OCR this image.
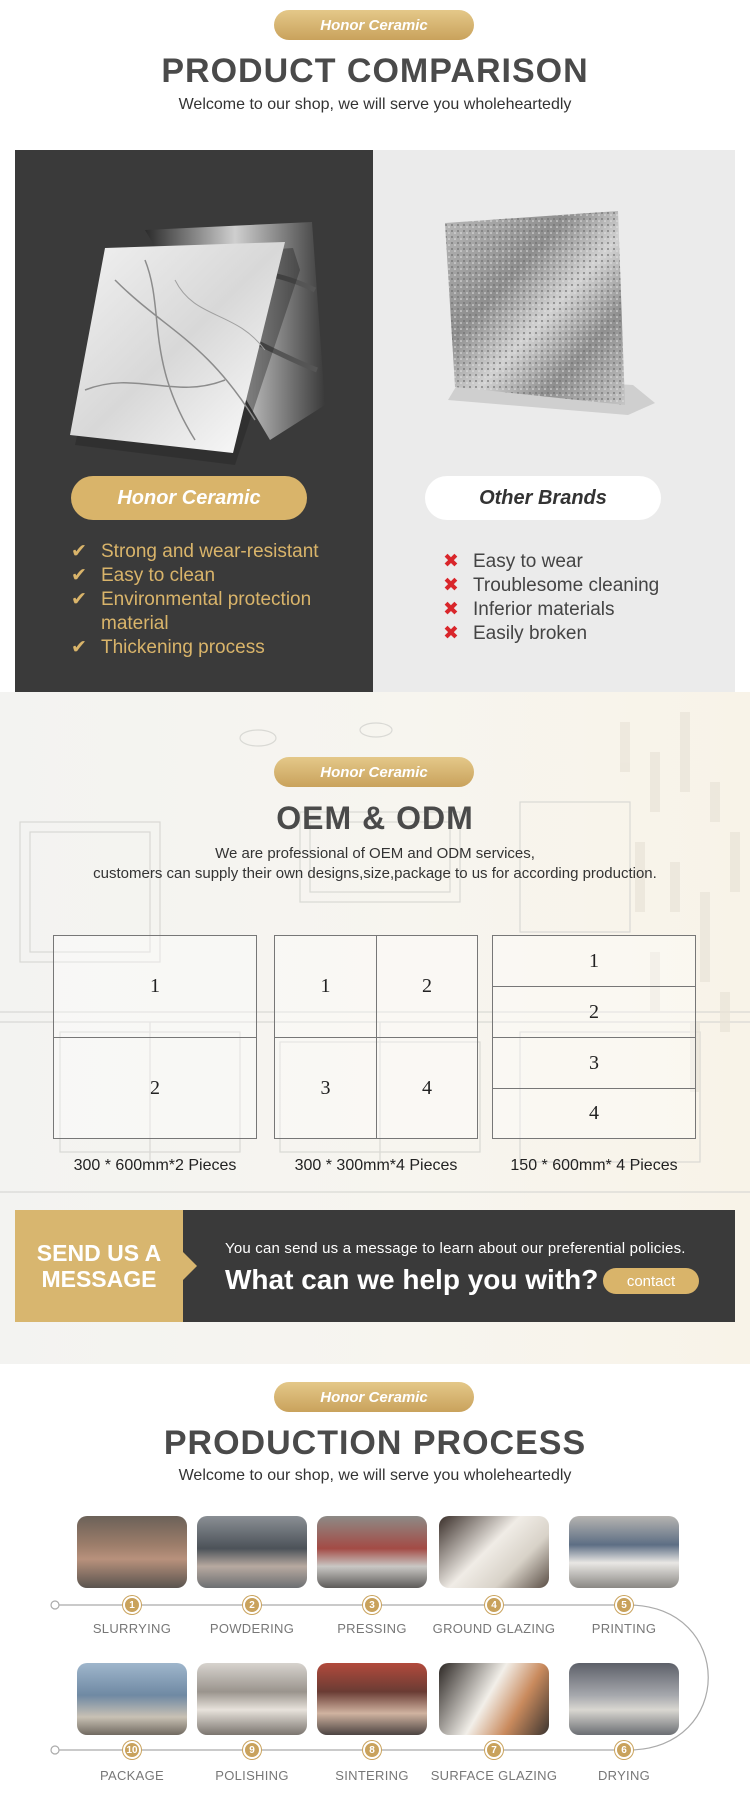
Honor Ceramic
PRODUCT COMPARISON
Welcome to our shop, we will serve you wholeheartedly
Honor Ceramic
✔ Strong and wear-resistant
✔ Easy to clean
✔ Environmental protection material
✔ Thickening process
Other Brands
✖ Easy to wear
✖ Troublesome cleaning
✖ Inferior materials
✖ Easily broken
Honor Ceramic
OEM & ODM
We are professional of OEM and ODM services,
customers can supply their own designs,size,package to us for according production.
1
2
300 * 600mm*2 Pieces
1	2
3	4
300 * 300mm*4 Pieces
1
2
3
4
150 * 600mm* 4 Pieces
SEND US A
MESSAGE
You can send us a message to learn about our preferential policies.
What can we help you with?	contact
Honor Ceramic
PRODUCTION PROCESS
Welcome to our shop, we will serve you wholeheartedly
1
SLURRYING
2
POWDERING
3
PRESSING
4
GROUND GLAZING
5
PRINTING
10
PACKAGE
9
POLISHING
8
SINTERING
7
SURFACE GLAZING
6
DRYING
